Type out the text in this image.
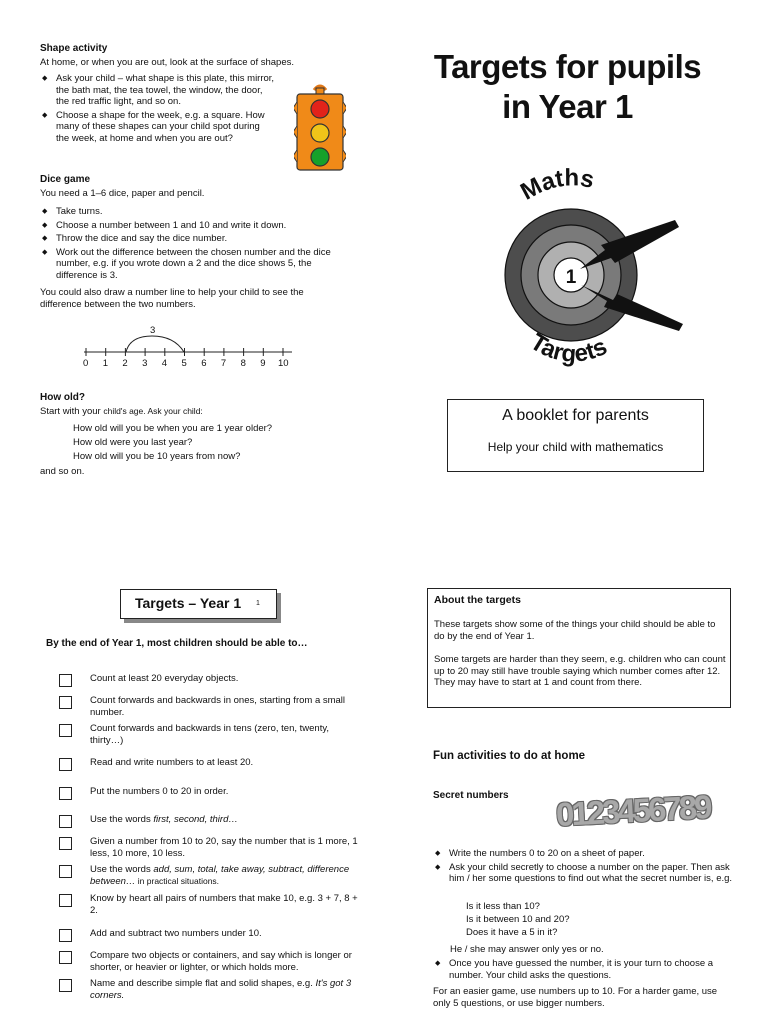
Shape activity
At home, or when you are out, look at the surface of shapes.
◆ Ask your child – what shape is this plate, this mirror, the bath mat, the tea towel, the window, the door, the red traffic light, and so on.
◆ Choose a shape for the week, e.g. a square. How many of these shapes can your child spot during the week, at home and when you are out?
Dice game
You need a 1–6 dice, paper and pencil.
◆ Take turns.
◆ Choose a number between 1 and 10 and write it down.
◆ Throw the dice and say the dice number.
◆ Work out the difference between the chosen number and the dice number, e.g. if you wrote down a 2 and the dice shows 5, the difference is 3.
You could also draw a number line to help your child to see the difference between the two numbers.
3
0 1 2 3 4 5 6 7 8 9 10
How old?
Start with your child's age. Ask your child:
How old will you be when you are 1 year older?
How old were you last year?
How old will you be 10 years from now?
and so on.
Targets for pupils
in Year 1
Maths
Targets
1
A booklet for parents
Help your child with mathematics
Targets – Year 1 1
By the end of Year 1, most children should be able to…
Count at least 20 everyday objects.
Count forwards and backwards in ones, starting from a small number.
Count forwards and backwards in tens (zero, ten, twenty, thirty…)
Read and write numbers to at least 20.
Put the numbers 0 to 20 in order.
Use the words first, second, third…
Given a number from 10 to 20, say the number that is 1 more, 1 less, 10 more, 10 less.
Use the words add, sum, total, take away, subtract, difference between… in practical situations.
Know by heart all pairs of numbers that make 10, e.g. 3 + 7, 8 + 2.
Add and subtract two numbers under 10.
Compare two objects or containers, and say which is longer or shorter, or heavier or lighter, or which holds more.
Name and describe simple flat and solid shapes, e.g. It's got 3 corners.
About the targets
These targets show some of the things your child should be able to do by the end of Year 1.
Some targets are harder than they seem, e.g. children who can count up to 20 may still have trouble saying which number comes after 12. They may have to start at 1 and count from there.
Fun activities to do at home
Secret numbers 0123456789
◆ Write the numbers 0 to 20 on a sheet of paper.
◆ Ask your child secretly to choose a number on the paper. Then ask him / her some questions to find out what the secret number is, e.g.
Is it less than 10?
Is it between 10 and 20?
Does it have a 5 in it?
He / she may answer only yes or no.
◆ Once you have guessed the number, it is your turn to choose a number. Your child asks the questions.
For an easier game, use numbers up to 10. For a harder game, use only 5 questions, or use bigger numbers.
